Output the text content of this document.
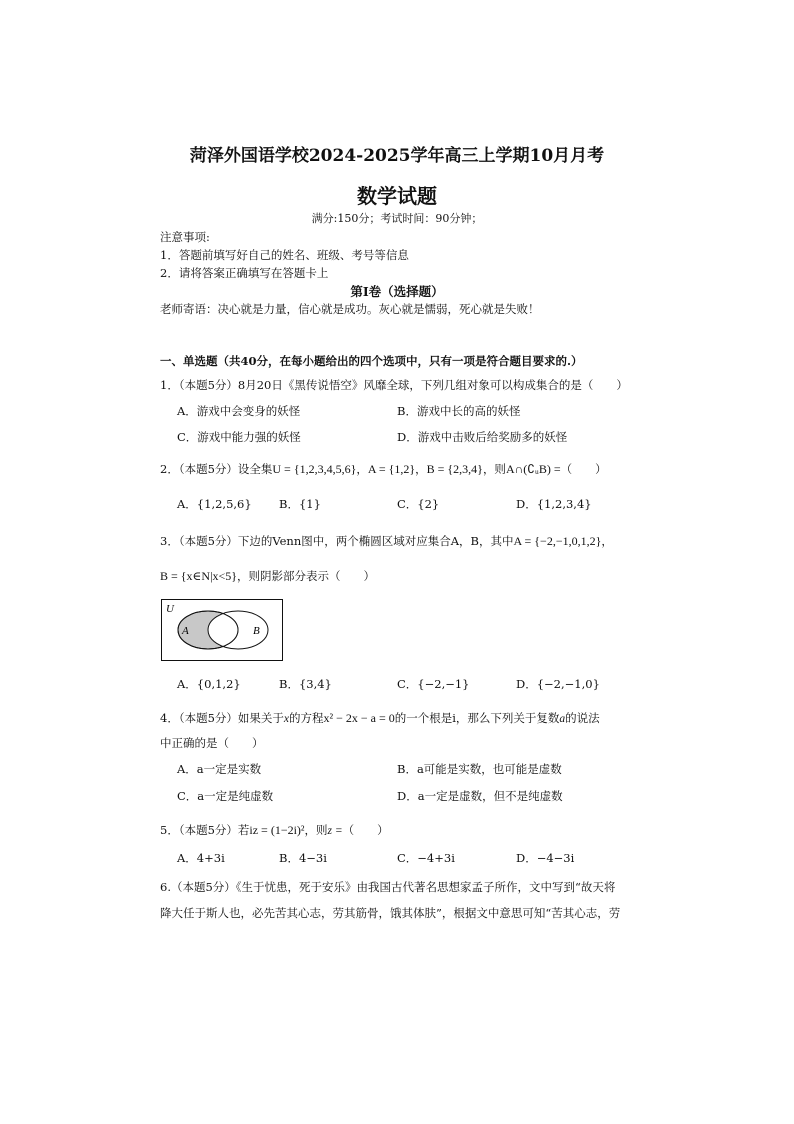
菏泽外国语学校2024-2025学年高三上学期10月月考
数学试题
满分:150分；考试时间：90分钟；
注意事项:
1．答题前填写好自己的姓名、班级、考号等信息
2．请将答案正确填写在答题卡上
第I卷（选择题）
老师寄语：决心就是力量，信心就是成功。灰心就是懦弱，死心就是失败！
一、单选题（共40分，在每小题给出的四个选项中，只有一项是符合题目要求的.）
1．（本题5分）8月20日《黑传说悟空》风靡全球，下列几组对象可以构成集合的是（　　）
A．游戏中会变身的妖怪	B．游戏中长的高的妖怪
C．游戏中能力强的妖怪	D．游戏中击败后给奖励多的妖怪
2．（本题5分）设全集U = {1,2,3,4,5,6}，A = {1,2}，B = {2,3,4}，则A∩(∁ᵤB) =（　　）
A．{1,2,5,6} B．{1}	C．{2}	D．{1,2,3,4}
3．（本题5分）下边的Venn图中，两个椭圆区域对应集合A，B，其中A = {−2,−1,0,1,2}，
B = {x∈N|x<5}，则阴影部分表示（　　）
U
A	B
A．{0,1,2}	B．{3,4}	C．{−2,−1}	D．{−2,−1,0}
4．（本题5分）如果关于x的方程x² − 2x − a = 0的一个根是i，那么下列关于复数a的说法
中正确的是（　　）
A．a一定是实数	B．a可能是实数，也可能是虚数
C．a一定是纯虚数	D．a一定是虚数，但不是纯虚数
5．（本题5分）若iz = (1−2i)²，则z =（　　）
A．4+3i	B．4−3i	C．−4+3i	D．−4−3i
6.（本题5分）《生于忧患，死于安乐》由我国古代著名思想家孟子所作，文中写到“故天将
降大任于斯人也，必先苦其心志，劳其筋骨，饿其体肤”，根据文中意思可知“苦其心志，劳
